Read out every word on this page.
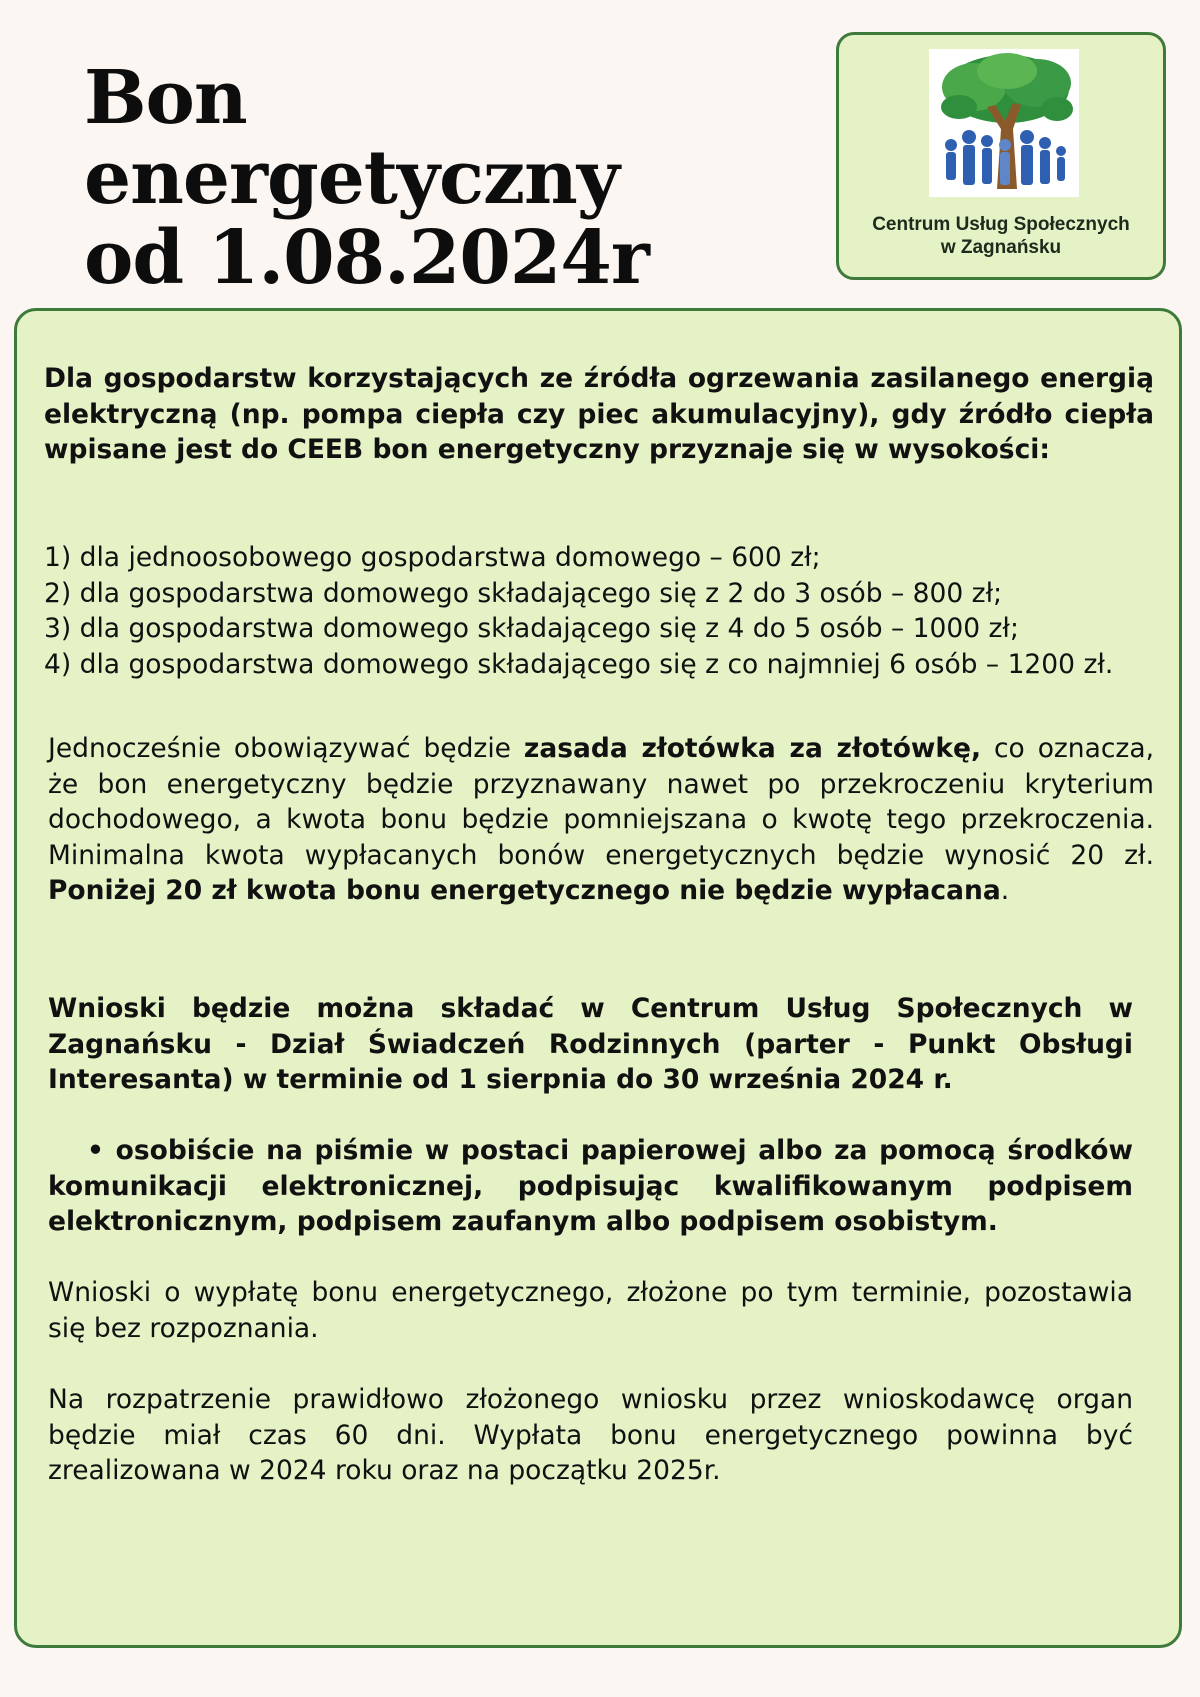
Bon
energetyczny
od 1.08.2024r	Centrum Usług Społecznych
w Zagnańsku

Dla gospodarstw korzystających ze źródła ogrzewania zasilanego energią elektryczną (np. pompa ciepła czy piec akumulacyjny), gdy źródło ciepła wpisane jest do CEEB bon energetyczny przyznaje się w wysokości:

1) dla jednoosobowego gospodarstwa domowego – 600 zł;
2) dla gospodarstwa domowego składającego się z 2 do 3 osób – 800 zł;
3) dla gospodarstwa domowego składającego się z 4 do 5 osób – 1000 zł;
4) dla gospodarstwa domowego składającego się z co najmniej 6 osób – 1200 zł.

Jednocześnie obowiązywać będzie zasada złotówka za złotówkę, co oznacza, że bon energetyczny będzie przyznawany nawet po przekroczeniu kryterium dochodowego, a kwota bonu będzie pomniejszana o kwotę tego przekroczenia. Minimalna kwota wypłacanych bonów energetycznych będzie wynosić 20 zł. Poniżej 20 zł kwota bonu energetycznego nie będzie wypłacana.

Wnioski będzie można składać w Centrum Usług Społecznych w Zagnańsku - Dział Świadczeń Rodzinnych (parter - Punkt Obsługi Interesanta) w terminie od 1 sierpnia do 30 września 2024 r.

• osobiście na piśmie w postaci papierowej albo za pomocą środków komunikacji elektronicznej, podpisując kwalifikowanym podpisem elektronicznym, podpisem zaufanym albo podpisem osobistym.

Wnioski o wypłatę bonu energetycznego, złożone po tym terminie, pozostawia się bez rozpoznania.

Na rozpatrzenie prawidłowo złożonego wniosku przez wnioskodawcę organ będzie miał czas 60 dni. Wypłata bonu energetycznego powinna być zrealizowana w 2024 roku oraz na początku 2025r.
